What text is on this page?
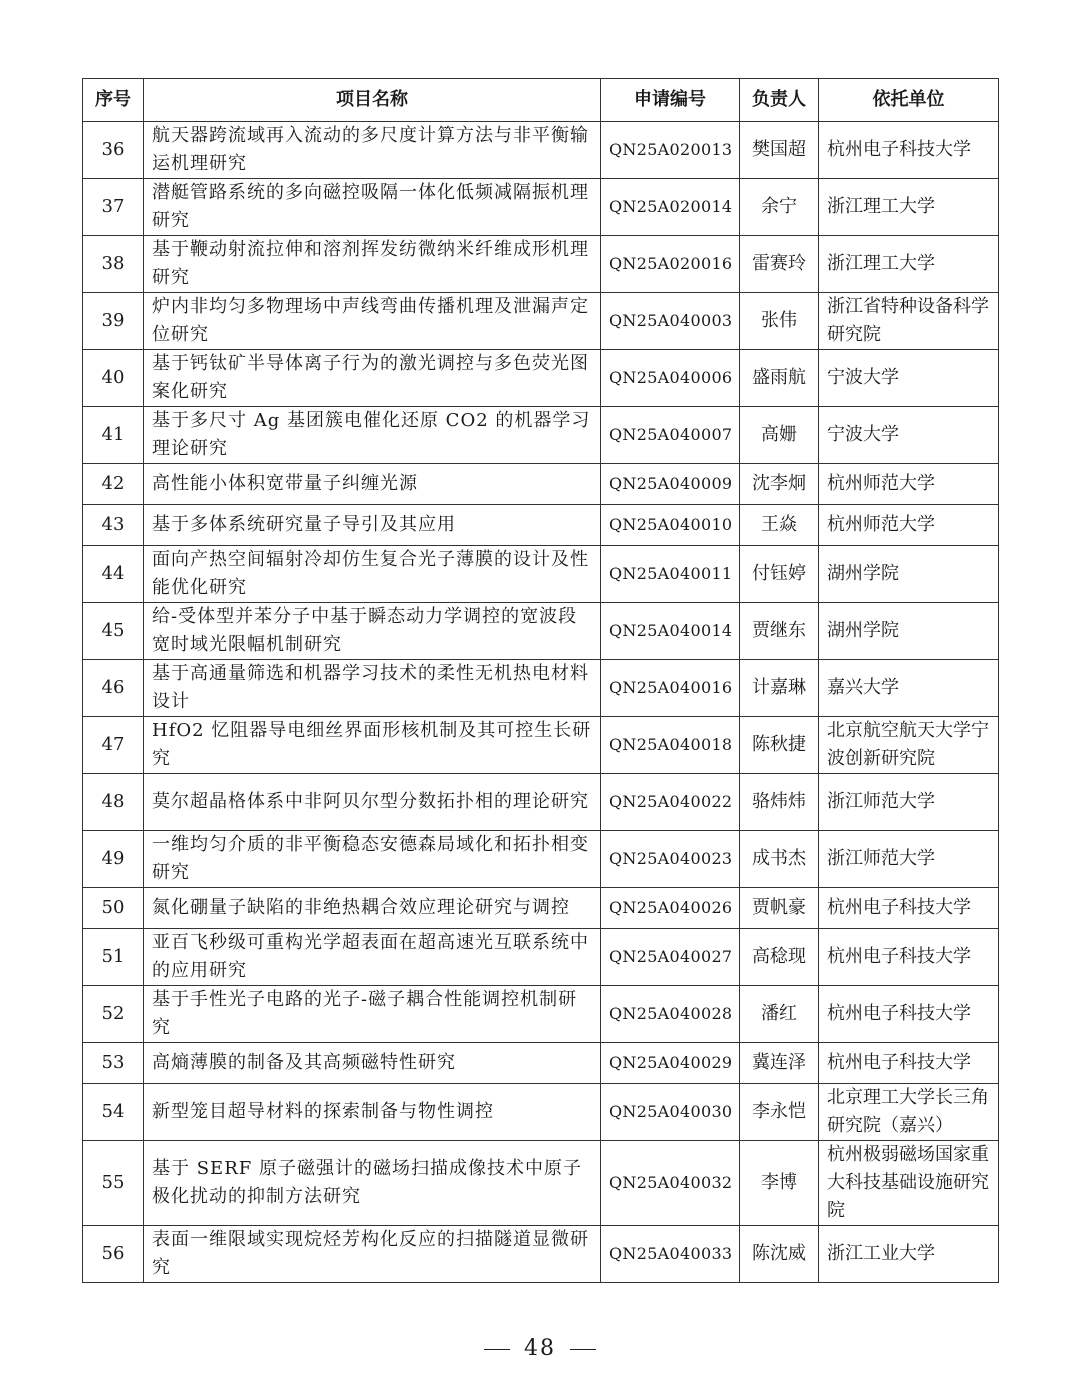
序号	项目名称	申请编号	负责人	依托单位
36	航天器跨流域再入流动的多尺度计算方法与非平衡输运机理研究	QN25A020013	樊国超	杭州电子科技大学
37	潜艇管路系统的多向磁控吸隔一体化低频减隔振机理研究	QN25A020014	余宁	浙江理工大学
38	基于鞭动射流拉伸和溶剂挥发纺微纳米纤维成形机理研究	QN25A020016	雷赛玲	浙江理工大学
39	炉内非均匀多物理场中声线弯曲传播机理及泄漏声定位研究	QN25A040003	张伟	浙江省特种设备科学研究院
40	基于钙钛矿半导体离子行为的激光调控与多色荧光图案化研究	QN25A040006	盛雨航	宁波大学
41	基于多尺寸 Ag 基团簇电催化还原 CO2 的机器学习理论研究	QN25A040007	高姗	宁波大学
42	高性能小体积宽带量子纠缠光源	QN25A040009	沈李炯	杭州师范大学
43	基于多体系统研究量子导引及其应用	QN25A040010	王焱	杭州师范大学
44	面向产热空间辐射冷却仿生复合光子薄膜的设计及性能优化研究	QN25A040011	付钰婷	湖州学院
45	给-受体型并苯分子中基于瞬态动力学调控的宽波段宽时域光限幅机制研究	QN25A040014	贾继东	湖州学院
46	基于高通量筛选和机器学习技术的柔性无机热电材料设计	QN25A040016	计嘉琳	嘉兴大学
47	HfO2 忆阻器导电细丝界面形核机制及其可控生长研究	QN25A040018	陈秋捷	北京航空航天大学宁波创新研究院
48	莫尔超晶格体系中非阿贝尔型分数拓扑相的理论研究	QN25A040022	骆炜炜	浙江师范大学
49	一维均匀介质的非平衡稳态安德森局域化和拓扑相变研究	QN25A040023	成书杰	浙江师范大学
50	氮化硼量子缺陷的非绝热耦合效应理论研究与调控	QN25A040026	贾帆豪	杭州电子科技大学
51	亚百飞秒级可重构光学超表面在超高速光互联系统中的应用研究	QN25A040027	高稔现	杭州电子科技大学
52	基于手性光子电路的光子-磁子耦合性能调控机制研究	QN25A040028	潘红	杭州电子科技大学
53	高熵薄膜的制备及其高频磁特性研究	QN25A040029	冀连泽	杭州电子科技大学
54	新型笼目超导材料的探索制备与物性调控	QN25A040030	李永恺	北京理工大学长三角研究院（嘉兴）
55	基于 SERF 原子磁强计的磁场扫描成像技术中原子极化扰动的抑制方法研究	QN25A040032	李博	杭州极弱磁场国家重大科技基础设施研究院
56	表面一维限域实现烷烃芳构化反应的扫描隧道显微研究	QN25A040033	陈沈威	浙江工业大学
48
